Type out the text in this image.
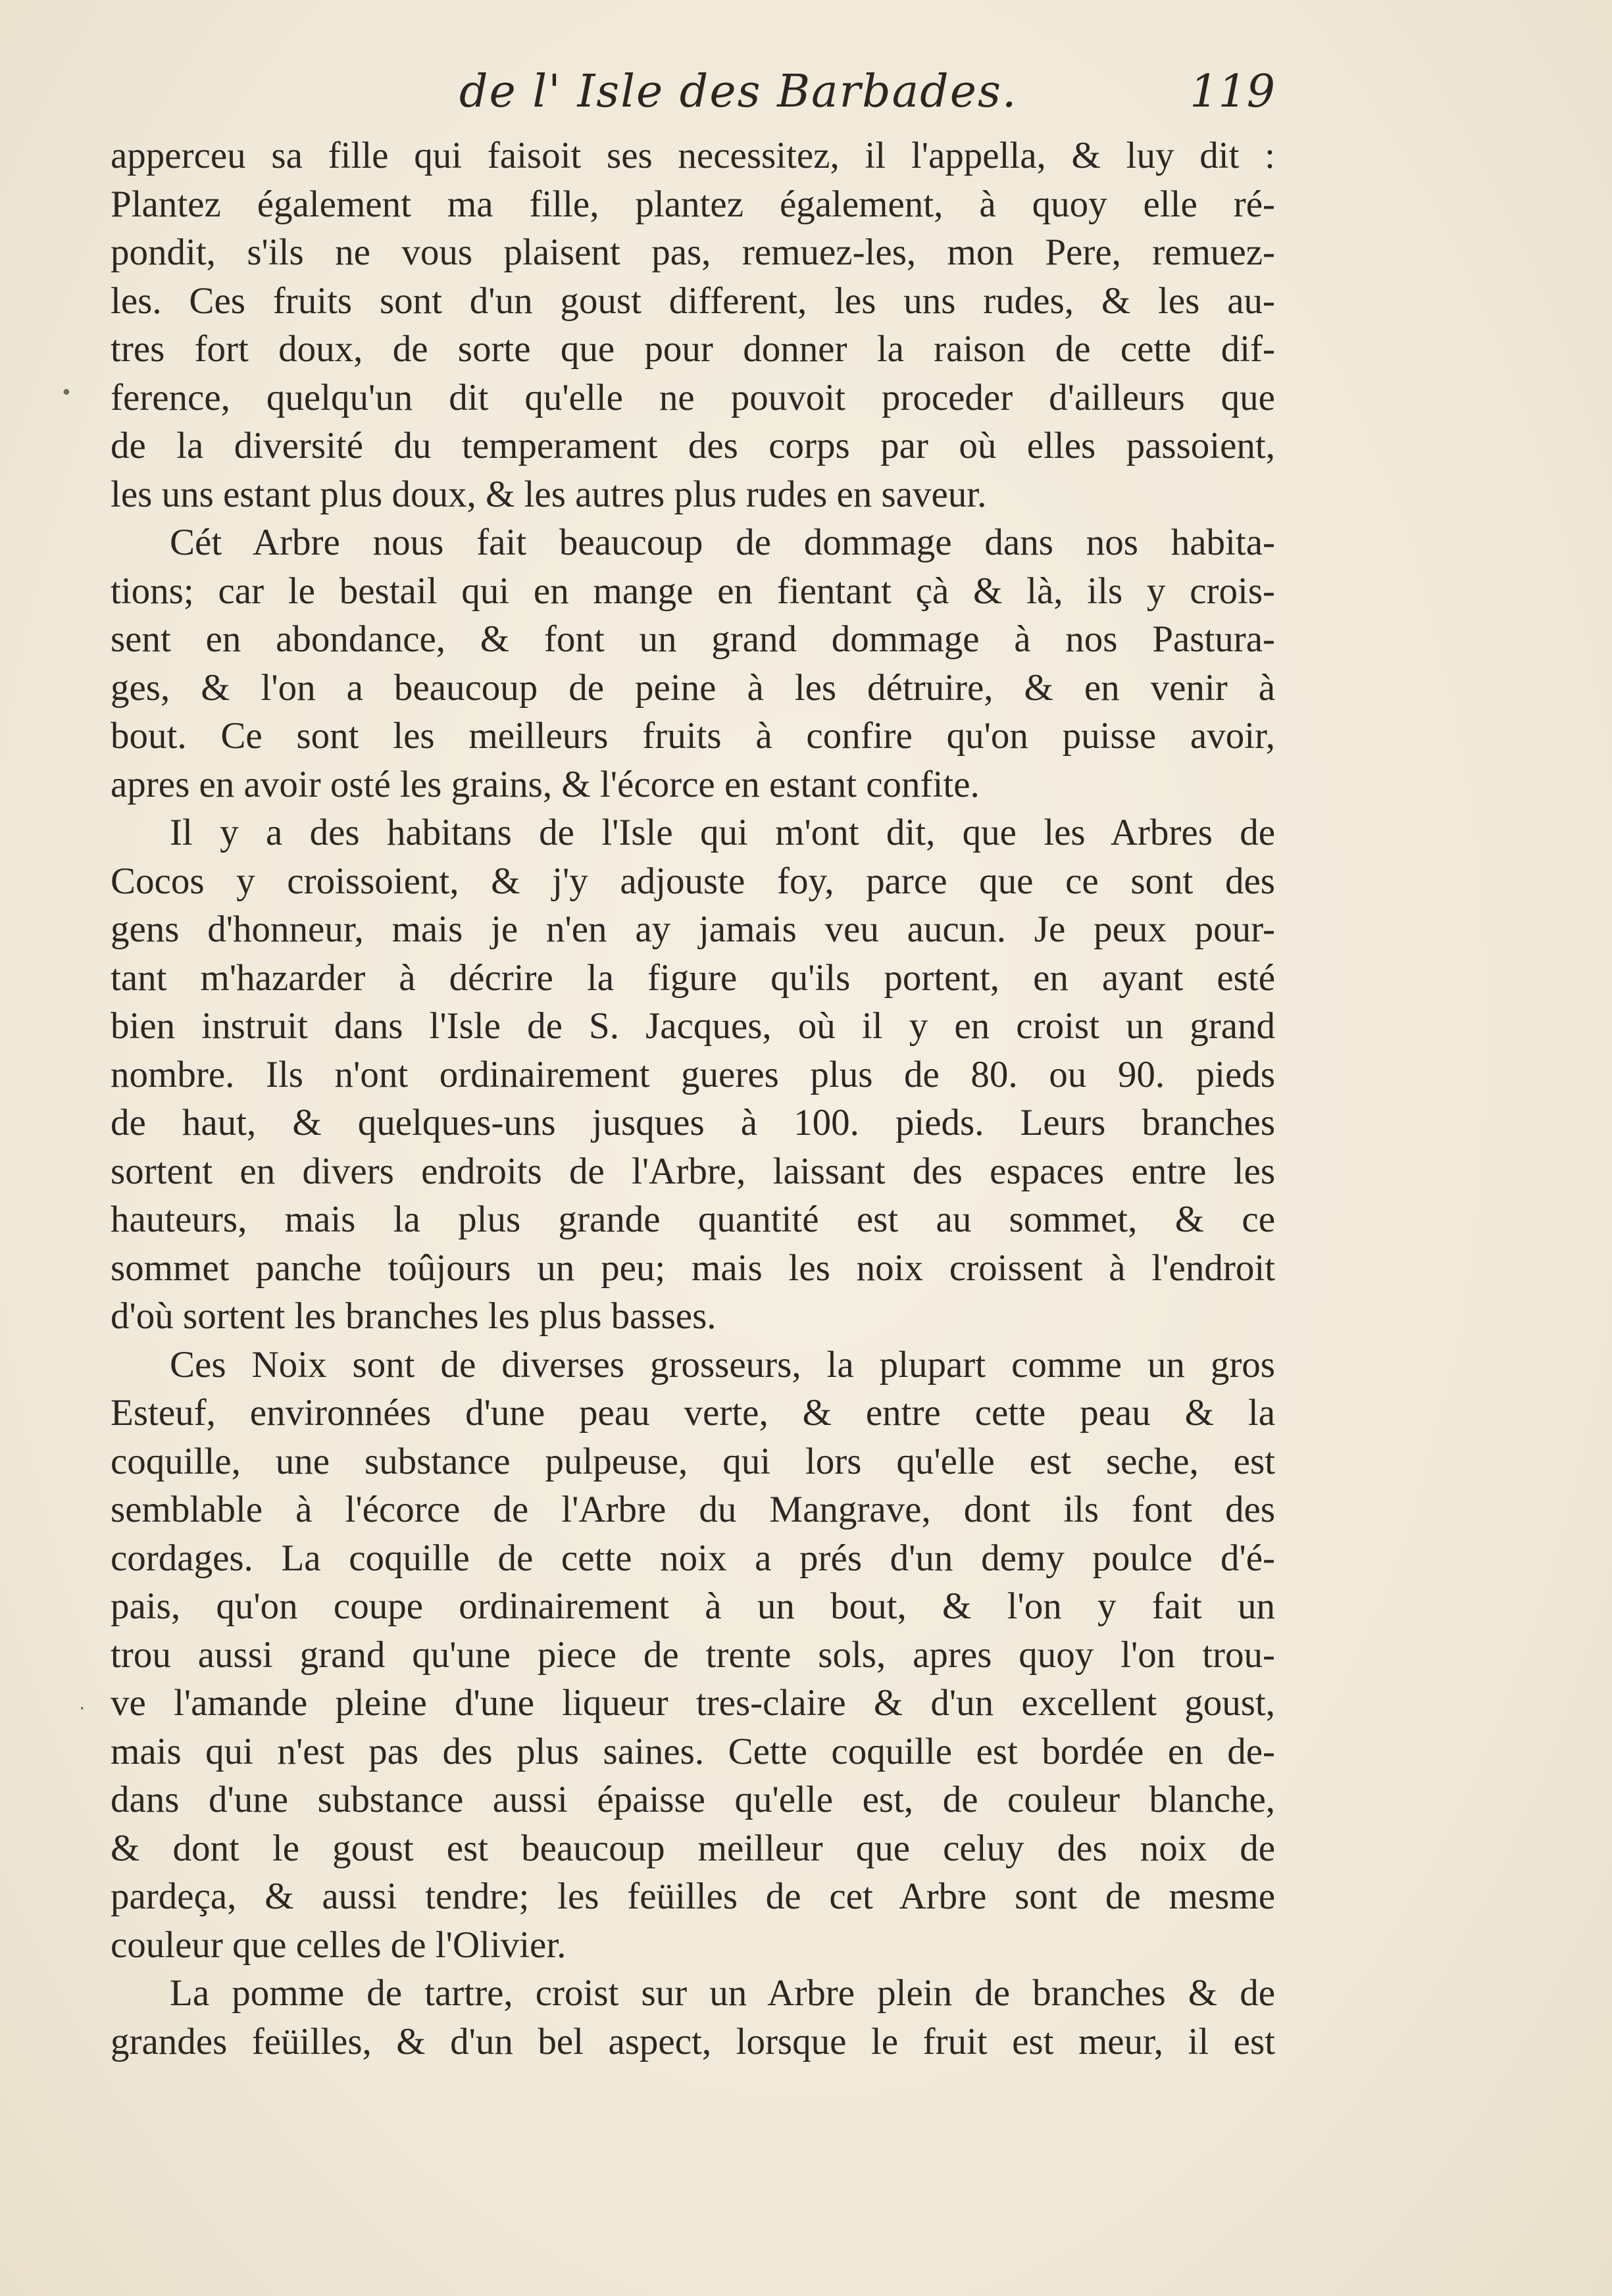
de l' Isle des Barbades.	119
•
·
apperceu sa fille qui faisoit ses necessitez, il l'appella, & luy dit :
Plantez également ma fille, plantez également, à quoy elle ré-
pondit, s'ils ne vous plaisent pas, remuez-les, mon Pere, remuez-
les. Ces fruits sont d'un goust different, les uns rudes, & les au-
tres fort doux, de sorte que pour donner la raison de cette dif-
ference, quelqu'un dit qu'elle ne pouvoit proceder d'ailleurs que
de la diversité du temperament des corps par où elles passoient,
les uns estant plus doux, & les autres plus rudes en saveur.
Cét Arbre nous fait beaucoup de dommage dans nos habita-
tions; car le bestail qui en mange en fientant çà & là, ils y crois-
sent en abondance, & font un grand dommage à nos Pastura-
ges, & l'on a beaucoup de peine à les détruire, & en venir à
bout. Ce sont les meilleurs fruits à confire qu'on puisse avoir,
apres en avoir osté les grains, & l'écorce en estant confite.
Il y a des habitans de l'Isle qui m'ont dit, que les Arbres de
Cocos y croissoient, & j'y adjouste foy, parce que ce sont des
gens d'honneur, mais je n'en ay jamais veu aucun. Je peux pour-
tant m'hazarder à décrire la figure qu'ils portent, en ayant esté
bien instruit dans l'Isle de S. Jacques, où il y en croist un grand
nombre. Ils n'ont ordinairement gueres plus de 80. ou 90. pieds
de haut, & quelques-uns jusques à 100. pieds. Leurs branches
sortent en divers endroits de l'Arbre, laissant des espaces entre les
hauteurs, mais la plus grande quantité est au sommet, & ce
sommet panche toûjours un peu; mais les noix croissent à l'endroit
d'où sortent les branches les plus basses.
Ces Noix sont de diverses grosseurs, la plupart comme un gros
Esteuf, environnées d'une peau verte, & entre cette peau & la
coquille, une substance pulpeuse, qui lors qu'elle est seche, est
semblable à l'écorce de l'Arbre du Mangrave, dont ils font des
cordages. La coquille de cette noix a prés d'un demy poulce d'é-
pais, qu'on coupe ordinairement à un bout, & l'on y fait un
trou aussi grand qu'une piece de trente sols, apres quoy l'on trou-
ve l'amande pleine d'une liqueur tres-claire & d'un excellent goust,
mais qui n'est pas des plus saines. Cette coquille est bordée en de-
dans d'une substance aussi épaisse qu'elle est, de couleur blanche,
& dont le goust est beaucoup meilleur que celuy des noix de
pardeça, & aussi tendre; les feüilles de cet Arbre sont de mesme
couleur que celles de l'Olivier.
La pomme de tartre, croist sur un Arbre plein de branches & de
grandes feüilles, & d'un bel aspect, lorsque le fruit est meur, il est
